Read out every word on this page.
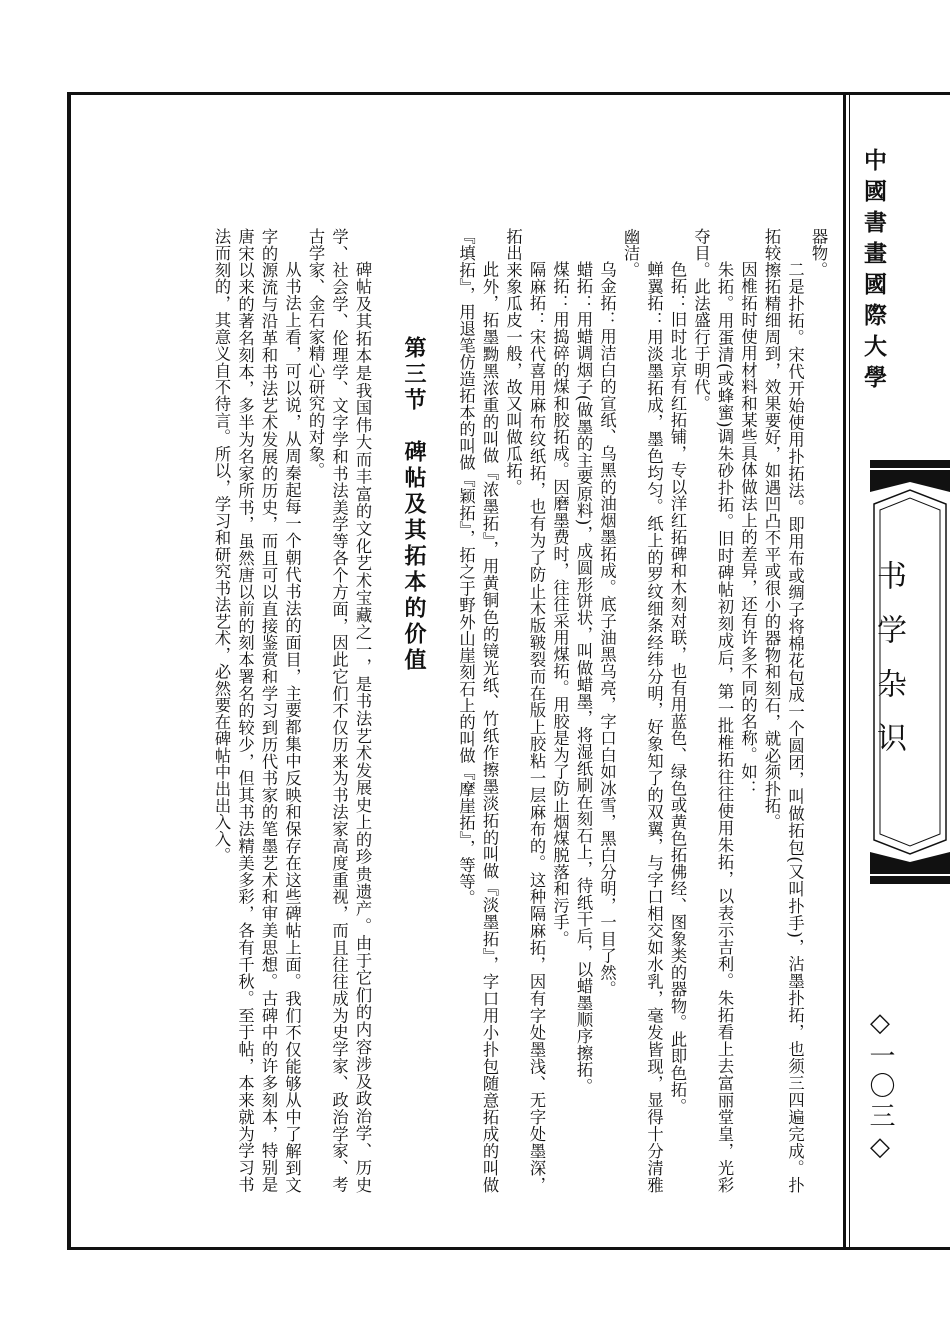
中國書畫國際大學
书学杂识
◇一〇三◇

器物。

二是扑拓。宋代开始使用扑拓法。即用布或绸子将棉花包成一个圆团，叫做拓包(又叫扑手)，沾墨扑拓，也须三四遍完成。扑拓较擦拓精细周到，效果要好，如遇凹凸不平或很小的器物和刻石，就必须扑拓。

因椎拓时使用材料和某些具体做法上的差异，还有许多不同的名称。如：

朱拓。用蛋清(或蜂蜜)调朱砂扑拓。旧时碑帖初刻成后，第一批椎拓往往使用朱拓，以表示吉利。朱拓看上去富丽堂皇，光彩夺目。此法盛行于明代。

色拓：旧时北京有红拓铺，专以洋红拓碑和木刻对联，也有用蓝色、绿色或黄色拓佛经、图象类的器物。此即色拓。

蝉翼拓：用淡墨拓成，墨色均匀。纸上的罗纹细条经纬分明，好象知了的双翼，与字口相交如水乳，毫发皆现，显得十分清雅幽洁。

乌金拓：用洁白的宣纸、乌黑的油烟墨拓成。底子油黑乌亮，字口白如冰雪，黑白分明，一目了然。

蜡拓：用蜡调烟子(做墨的主要原料)，成圆形饼状，叫做蜡墨，将湿纸刷在刻石上，待纸干后，以蜡墨顺序擦拓。

煤拓：用捣碎的煤和胶拓成。因磨墨费时，往往采用煤拓。用胶是为了防止烟煤脱落和污手。

隔麻拓：宋代喜用麻布纹纸拓，也有为了防止木版皲裂而在版上胶粘一层麻布的。这种隔麻拓，因有字处墨浅、无字处墨深，拓出来象瓜皮一般，故又叫做瓜拓。

此外，拓墨黝黑浓重的叫做『浓墨拓』，用黄铜色的镜光纸、竹纸作擦墨淡拓的叫做『淡墨拓』，字口用小扑包随意拓成的叫做『填拓』，用退笔仿造拓本的叫做『颖拓』，拓之于野外山崖刻石上的叫做『摩崖拓』，等等。

第三节　碑帖及其拓本的价值

碑帖及其拓本是我国伟大而丰富的文化艺术宝藏之一，是书法艺术发展史上的珍贵遗产。由于它们的内容涉及政治学、历史学、社会学、伦理学、文字学和书法美学等各个方面，因此它们不仅历来为书法家高度重视，而且往往成为史学家、政治学家、考古学家、金石家精心研究的对象。

从书法上看，可以说，从周秦起每一个朝代书法的面目，主要都集中反映和保存在这些碑帖上面。我们不仅能够从中了解到文字的源流与沿革和书法艺术发展的历史，而且可以直接鉴赏和学习到历代书家的笔墨艺术和审美思想。古碑中的许多刻本，特别是唐宋以来的著名刻本，多半为名家所书，虽然唐以前的刻本署名的较少，但其书法精美多彩，各有千秋。至于帖，本来就为学习书法而刻的，其意义自不待言。所以，学习和研究书法艺术，必然要在碑帖中出出入入。
